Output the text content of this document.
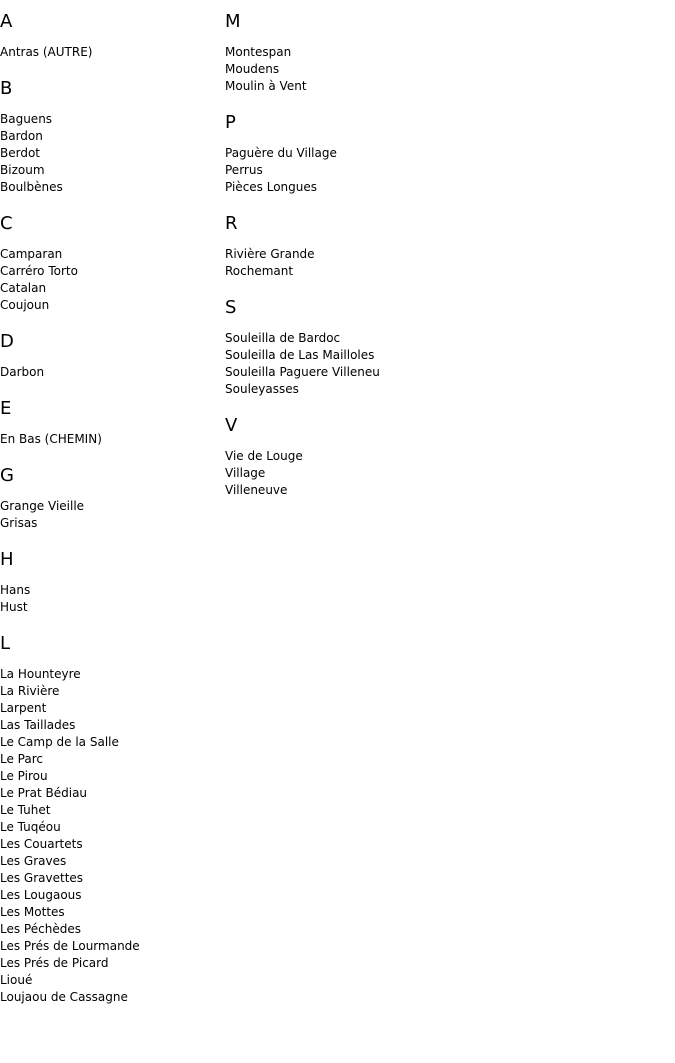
A
Antras (AUTRE)
B
Baguens
Bardon
Berdot
Bizoum
Boulbènes
C
Camparan
Carréro Torto
Catalan
Coujoun
D
Darbon
E
En Bas (CHEMIN)
G
Grange Vieille
Grisas
H
Hans
Hust
L
La Hounteyre
La Rivière
Larpent
Las Taillades
Le Camp de la Salle
Le Parc
Le Pirou
Le Prat Bédiau
Le Tuhet
Le Tuqéou
Les Couartets
Les Graves
Les Gravettes
Les Lougaous
Les Mottes
Les Péchèdes
Les Prés de Lourmande
Les Prés de Picard
Lioué
Loujaou de Cassagne
M
Montespan
Moudens
Moulin à Vent
P
Paguère du Village
Perrus
Pièces Longues
R
Rivière Grande
Rochemant
S
Souleilla de Bardoc
Souleilla de Las Mailloles
Souleilla Paguere Villeneu
Souleyasses
V
Vie de Louge
Village
Villeneuve
